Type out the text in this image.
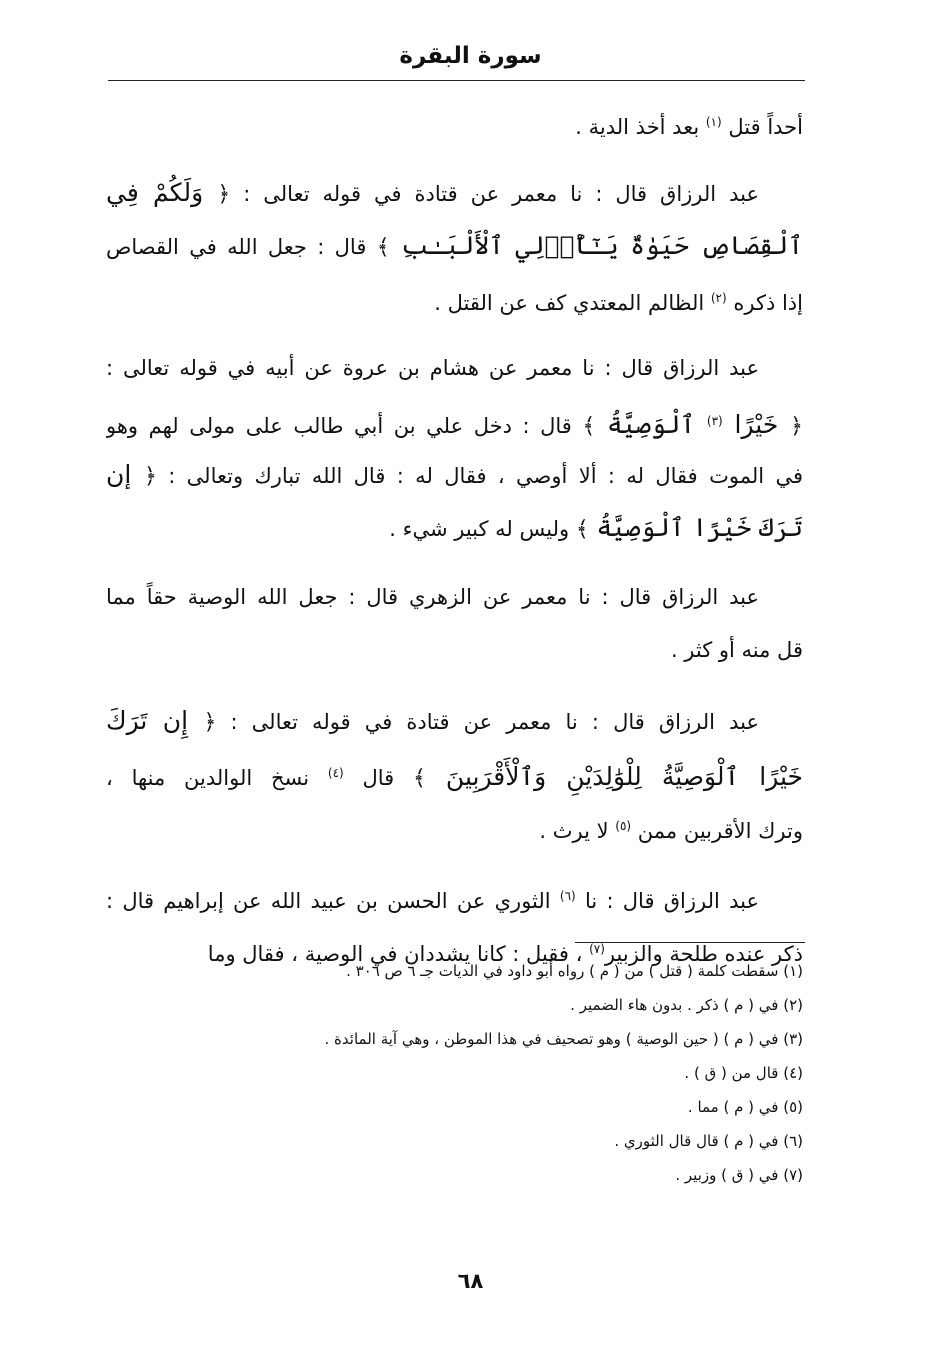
سورة البقرة
أحداً قتل $^{(١)}$ بعد أخذ الدية .
عبد الرزاق قال : نا معمر عن قتادة في قوله تعالى : ﴿ وَلَكُمْ فِي
ٱلْقِصَاصِ حَيَوٰةٌ يَـٰٓأُو۟لِي ٱلْأَلْبَـٰبِ ﴾ قال : جعل الله في القصاص
إذا ذكره $^{(٢)}$ الظالم المعتدي كف عن القتل .
عبد الرزاق قال : نا معمر عن هشام بن عروة عن أبيه في قوله تعالى :
﴿ خَيْرًا $^{(٣)}$ ٱلْوَصِيَّةُ ﴾ قال : دخل علي بن أبي طالب على مولى لهم وهو
في الموت فقال له : ألا أوصي ، فقال له : قال الله تبارك وتعالى : ﴿ إن
تَرَكَ خَيْرًا ٱلْوَصِيَّةُ ﴾ وليس له كبير شيء .
عبد الرزاق قال : نا معمر عن الزهري قال : جعل الله الوصية حقاً مما
قل منه أو كثر .
عبد الرزاق قال : نا معمر عن قتادة في قوله تعالى : ﴿ إِن تَرَكَ
خَيْرًا ٱلْوَصِيَّةُ لِلْوَٰلِدَيْنِ وَٱلْأَقْرَبِينَ ﴾ قال $^{(٤)}$ نسخ الوالدين منها ،
وترك الأقربين ممن $^{(٥)}$ لا يرث .
عبد الرزاق قال : نا $^{(٦)}$ الثوري عن الحسن بن عبيد الله عن إبراهيم قال :
ذكر عنده طلحة والزبير$^{(٧)}$ ، فقيل : كانا يشددان في الوصية ، فقال وما
(١) سقطت كلمة ( قتل ) من ( م ) رواه أبو داود في الديات جـ ٦ ص ٣٠٦ .
(٢) في ( م ) ذكر . بدون هاء الضمير .
(٣) في ( م ) ( حين الوصية ) وهو تصحيف في هذا الموطن ، وهي آية المائدة .
(٤) قال من ( ق ) .
(٥) في ( م ) مما .
(٦) في ( م ) قال قال الثوري .
(٧) في ( ق ) وزبير .
٦٨
